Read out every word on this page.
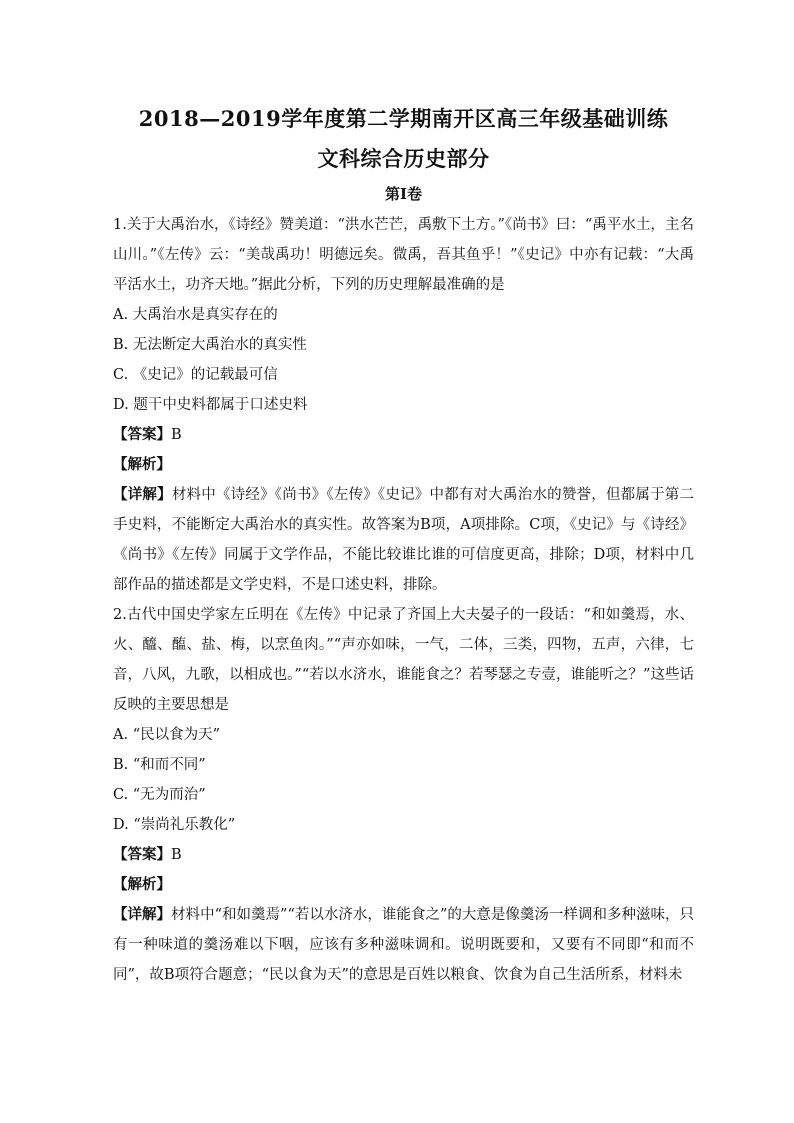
2018—2019学年度第二学期南开区高三年级基础训练
文科综合历史部分
第I卷

1.关于大禹治水，《诗经》赞美道：“洪水芒芒，禹敷下土方。”《尚书》曰：“禹平水土，主名山川。”《左传》云：“美哉禹功！明德远矣。微禹，吾其鱼乎！”《史记》中亦有记载：“大禹平活水土，功齐天地。”据此分析，下列的历史理解最准确的是

A. 大禹治水是真实存在的

B. 无法断定大禹治水的真实性

C. 《史记》的记载最可信

D. 题干中史料都属于口述史料

【答案】B

【解析】

【详解】材料中《诗经》《尚书》《左传》《史记》中都有对大禹治水的赞誉，但都属于第二手史料，不能断定大禹治水的真实性。故答案为B项，A项排除。C项，《史记》与《诗经》《尚书》《左传》同属于文学作品，不能比较谁比谁的可信度更高，排除；D项，材料中几部作品的描述都是文学史料，不是口述史料，排除。

2.古代中国史学家左丘明在《左传》中记录了齐国上大夫晏子的一段话：“和如羹焉，水、火、醯、醢、盐、梅，以烹鱼肉。”“声亦如味，一气，二体，三类，四物，五声，六律，七音，八风，九歌，以相成也。”“若以水济水，谁能食之？若琴瑟之专壹，谁能听之？”这些话反映的主要思想是

A. “民以食为天”

B. “和而不同”

C. “无为而治”

D. “崇尚礼乐教化”

【答案】B

【解析】

【详解】材料中“和如羹焉”“若以水济水，谁能食之”的大意是像羹汤一样调和多种滋味，只有一种味道的羹汤难以下咽，应该有多种滋味调和。说明既要和，又要有不同即“和而不同”，故B项符合题意；“民以食为天”的意思是百姓以粮食、饮食为自己生活所系，材料未
